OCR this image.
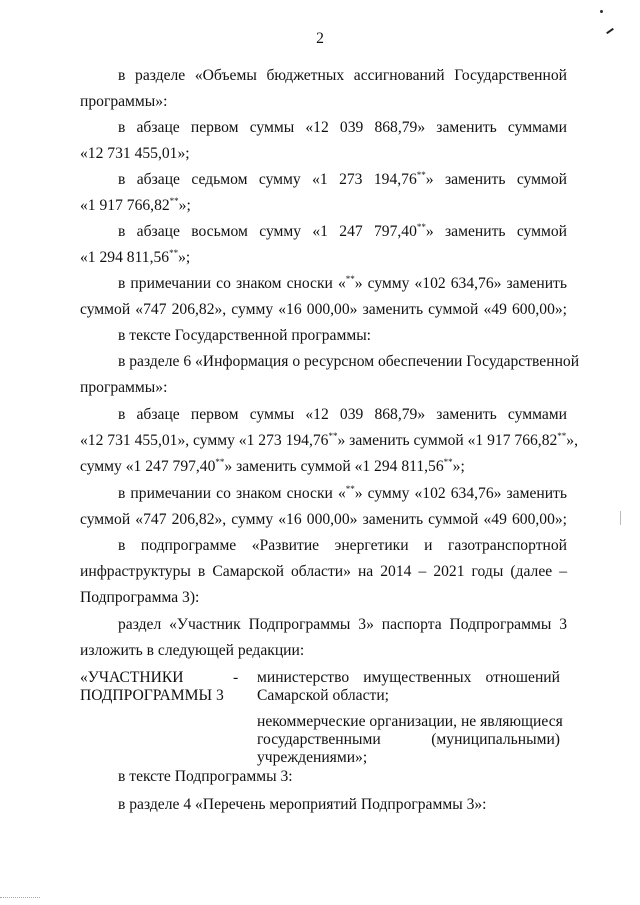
2
в разделе «Объемы бюджетных ассигнований Государственной
программы»:
в абзаце первом суммы «12 039 868,79» заменить суммами
«12 731 455,01»;
в абзаце седьмом сумму «1 273 194,76**» заменить суммой
«1 917 766,82**»;
в абзаце восьмом сумму «1 247 797,40**» заменить суммой
«1 294 811,56**»;
в примечании со знаком сноски «**» сумму «102 634,76» заменить
суммой «747 206,82», сумму «16 000,00» заменить суммой «49 600,00»;
в тексте Государственной программы:
в разделе 6 «Информация о ресурсном обеспечении Государственной
программы»:
в абзаце первом суммы «12 039 868,79» заменить суммами
«12 731 455,01», сумму «1 273 194,76**» заменить суммой «1 917 766,82**»,
сумму «1 247 797,40**» заменить суммой «1 294 811,56**»;
в примечании со знаком сноски «**» сумму «102 634,76» заменить
суммой «747 206,82», сумму «16 000,00» заменить суммой «49 600,00»;
в подпрограмме «Развитие энергетики и газотранспортной
инфраструктуры в Самарской области» на 2014 – 2021 годы (далее –
Подпрограмма 3):
раздел «Участник Подпрограммы 3» паспорта Подпрограммы 3
изложить в следующей редакции:
«УЧАСТНИКИ
ПОДПРОГРАММЫ 3
-	министерство имущественных отношений
Самарской области;
некоммерческие организации, не являющиеся
государственными (муниципальными)
учреждениями»;
в тексте Подпрограммы 3:
в разделе 4 «Перечень мероприятий Подпрограммы 3»:
